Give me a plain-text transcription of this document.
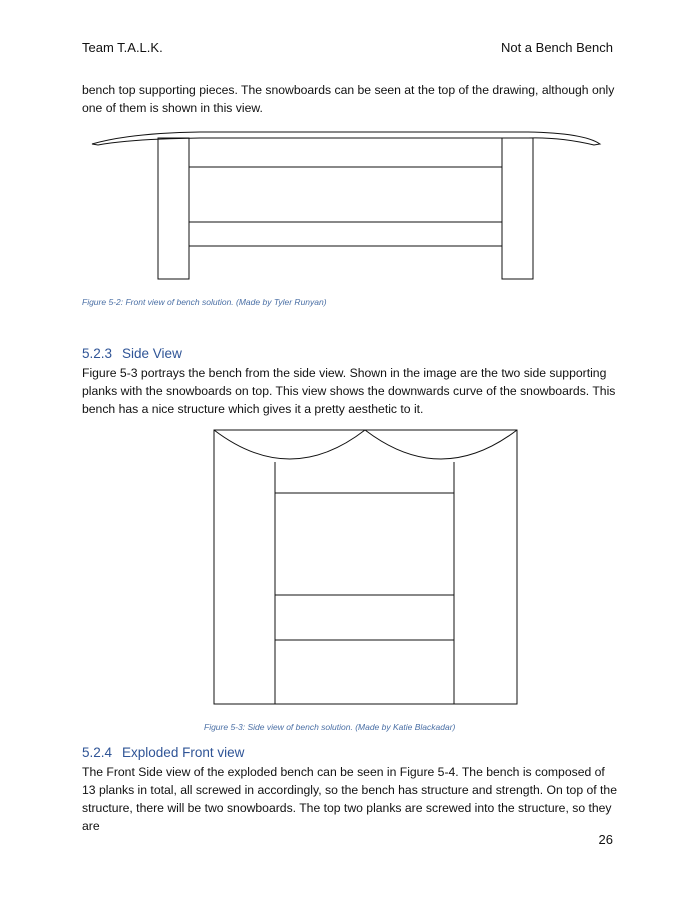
Team T.A.L.K.	Not a Bench Bench
bench top supporting pieces. The snowboards can be seen at the top of the drawing, although only one of them is shown in this view.
Figure 5-2: Front view of bench solution. (Made by Tyler Runyan)
5.2.3 Side View
Figure 5-3 portrays the bench from the side view. Shown in the image are the two side supporting planks with the snowboards on top. This view shows the downwards curve of the snowboards. This bench has a nice structure which gives it a pretty aesthetic to it.
Figure 5-3: Side view of bench solution. (Made by Katie Blackadar)
5.2.4 Exploded Front view
The Front Side view of the exploded bench can be seen in Figure 5-4. The bench is composed of 13 planks in total, all screwed in accordingly, so the bench has structure and strength. On top of the structure, there will be two snowboards. The top two planks are screwed into the structure, so they are
26
